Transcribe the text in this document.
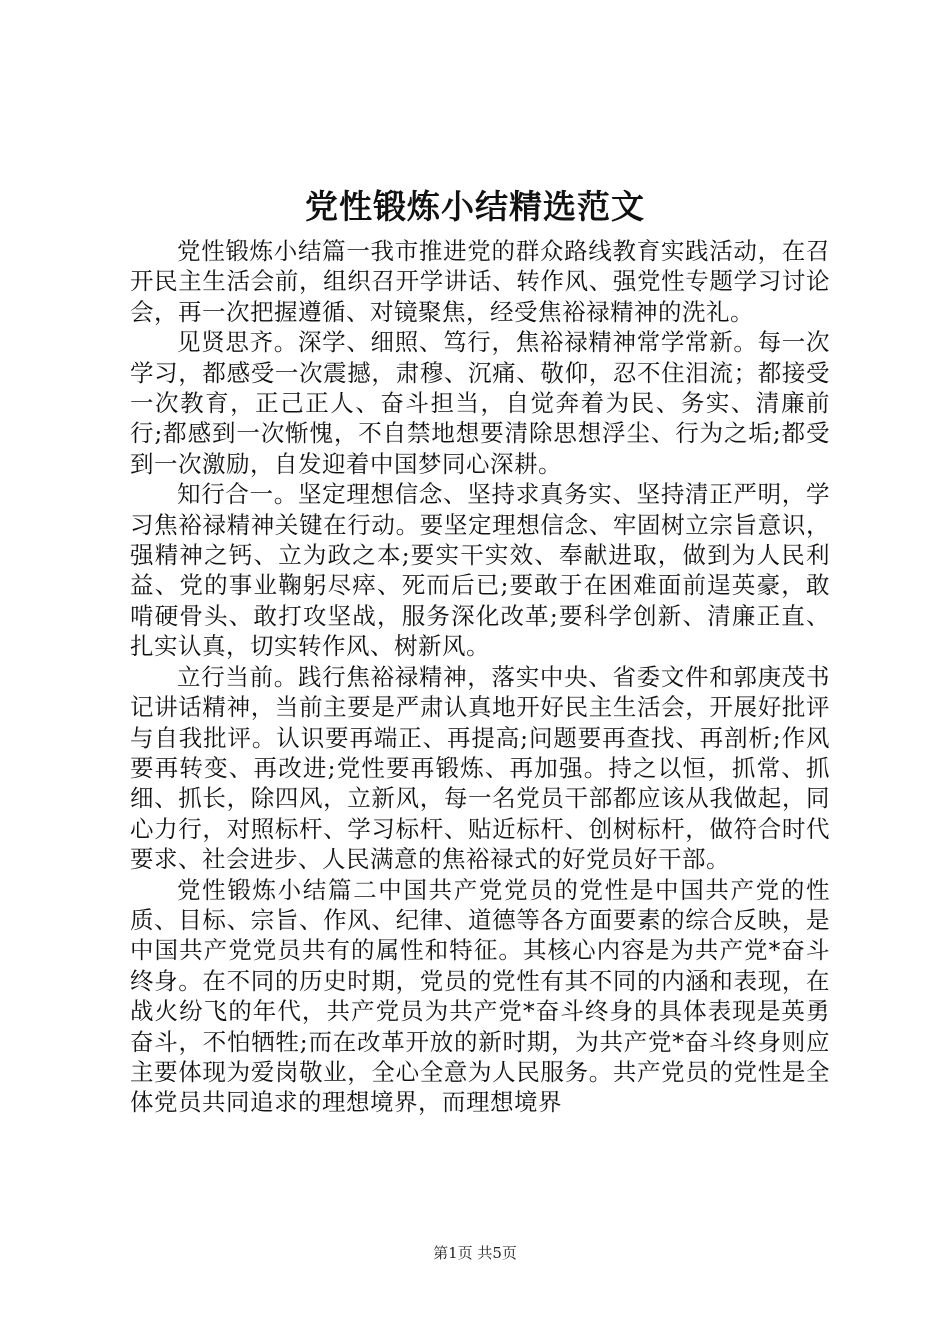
党性锻炼小结精选范文

党性锻炼小结篇一我市推进党的群众路线教育实践活动，在召开民主生活会前，组织召开学讲话、转作风、强党性专题学习讨论会，再一次把握遵循、对镜聚焦，经受焦裕禄精神的洗礼。

见贤思齐。深学、细照、笃行，焦裕禄精神常学常新。每一次学习，都感受一次震撼，肃穆、沉痛、敬仰，忍不住泪流；都接受一次教育，正己正人、奋斗担当，自觉奔着为民、务实、清廉前行;都感到一次惭愧，不自禁地想要清除思想浮尘、行为之垢;都受到一次激励，自发迎着中国梦同心深耕。

知行合一。坚定理想信念、坚持求真务实、坚持清正严明，学习焦裕禄精神关键在行动。要坚定理想信念、牢固树立宗旨意识，强精神之钙、立为政之本;要实干实效、奉献进取，做到为人民利益、党的事业鞠躬尽瘁、死而后已;要敢于在困难面前逞英豪，敢啃硬骨头、敢打攻坚战，服务深化改革;要科学创新、清廉正直、扎实认真，切实转作风、树新风。

立行当前。践行焦裕禄精神，落实中央、省委文件和郭庚茂书记讲话精神，当前主要是严肃认真地开好民主生活会，开展好批评与自我批评。认识要再端正、再提高;问题要再查找、再剖析;作风要再转变、再改进;党性要再锻炼、再加强。持之以恒，抓常、抓细、抓长，除四风，立新风，每一名党员干部都应该从我做起，同心力行，对照标杆、学习标杆、贴近标杆、创树标杆，做符合时代要求、社会进步、人民满意的焦裕禄式的好党员好干部。

党性锻炼小结篇二中国共产党党员的党性是中国共产党的性质、目标、宗旨、作风、纪律、道德等各方面要素的综合反映，是中国共产党党员共有的属性和特征。其核心内容是为共产党*奋斗终身。在不同的历史时期，党员的党性有其不同的内涵和表现，在战火纷飞的年代，共产党员为共产党*奋斗终身的具体表现是英勇奋斗，不怕牺牲;而在改革开放的新时期，为共产党*奋斗终身则应主要体现为爱岗敬业，全心全意为人民服务。共产党员的党性是全体党员共同追求的理想境界，而理想境界

第1页 共5页
